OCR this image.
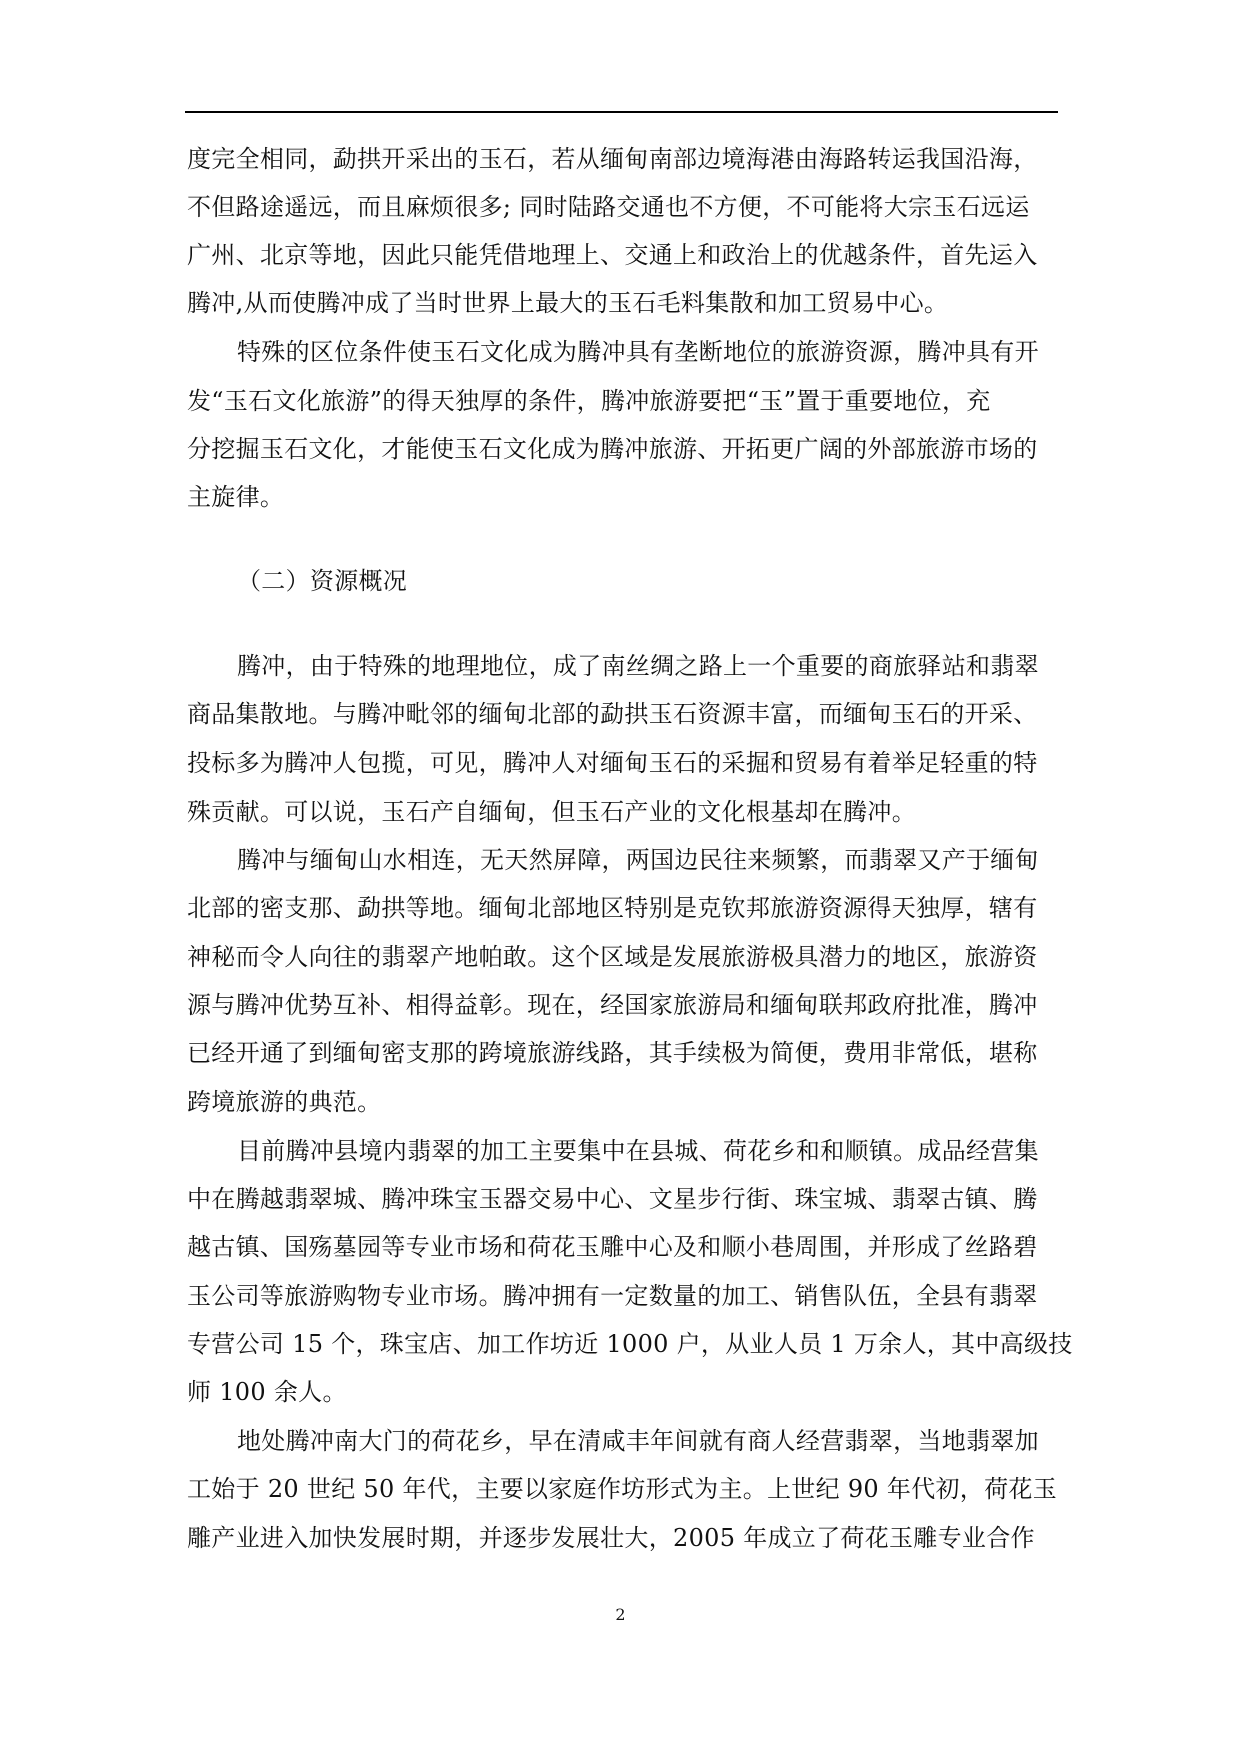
度完全相同，勐拱开采出的玉石，若从缅甸南部边境海港由海路转运我国沿海，
不但路途遥远，而且麻烦很多; 同时陆路交通也不方便，不可能将大宗玉石远运
广州、北京等地，因此只能凭借地理上、交通上和政治上的优越条件，首先运入
腾冲,从而使腾冲成了当时世界上最大的玉石毛料集散和加工贸易中心。
特殊的区位条件使玉石文化成为腾冲具有垄断地位的旅游资源，腾冲具有开
发“玉石文化旅游”的得天独厚的条件，腾冲旅游要把“玉”置于重要地位，充
分挖掘玉石文化，才能使玉石文化成为腾冲旅游、开拓更广阔的外部旅游市场的
主旋律。
（二）资源概况
腾冲，由于特殊的地理地位，成了南丝绸之路上一个重要的商旅驿站和翡翠
商品集散地。与腾冲毗邻的缅甸北部的勐拱玉石资源丰富，而缅甸玉石的开采、
投标多为腾冲人包揽，可见，腾冲人对缅甸玉石的采掘和贸易有着举足轻重的特
殊贡献。可以说，玉石产自缅甸，但玉石产业的文化根基却在腾冲。
腾冲与缅甸山水相连，无天然屏障，两国边民往来频繁，而翡翠又产于缅甸
北部的密支那、勐拱等地。缅甸北部地区特别是克钦邦旅游资源得天独厚，辖有
神秘而令人向往的翡翠产地帕敢。这个区域是发展旅游极具潜力的地区，旅游资
源与腾冲优势互补、相得益彰。现在，经国家旅游局和缅甸联邦政府批准，腾冲
已经开通了到缅甸密支那的跨境旅游线路，其手续极为简便，费用非常低，堪称
跨境旅游的典范。
目前腾冲县境内翡翠的加工主要集中在县城、荷花乡和和顺镇。成品经营集
中在腾越翡翠城、腾冲珠宝玉器交易中心、文星步行街、珠宝城、翡翠古镇、腾
越古镇、国殇墓园等专业市场和荷花玉雕中心及和顺小巷周围，并形成了丝路碧
玉公司等旅游购物专业市场。腾冲拥有一定数量的加工、销售队伍，全县有翡翠
专营公司 15 个，珠宝店、加工作坊近 1000 户，从业人员 1 万余人，其中高级技
师 100 余人。
地处腾冲南大门的荷花乡，早在清咸丰年间就有商人经营翡翠，当地翡翠加
工始于 20 世纪 50 年代，主要以家庭作坊形式为主。上世纪 90 年代初，荷花玉
雕产业进入加快发展时期，并逐步发展壮大，2005 年成立了荷花玉雕专业合作
2
